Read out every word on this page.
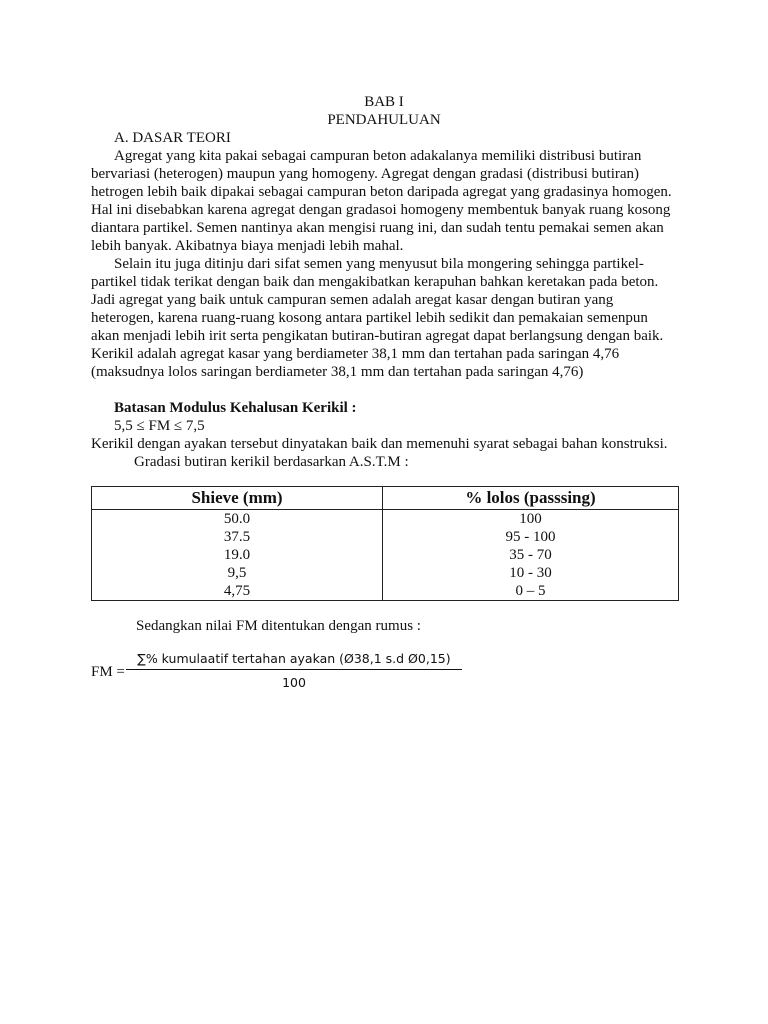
BAB I
PENDAHULUAN
A. DASAR TEORI
Agregat yang kita pakai sebagai campuran beton adakalanya memiliki distribusi butiran
bervariasi (heterogen) maupun yang homogeny. Agregat dengan gradasi (distribusi butiran)
hetrogen lebih baik dipakai sebagai campuran beton daripada agregat yang gradasinya homogen.
Hal ini disebabkan karena agregat dengan gradasoi homogeny membentuk banyak ruang kosong
diantara partikel. Semen nantinya akan mengisi ruang ini, dan sudah tentu pemakai semen akan
lebih banyak. Akibatnya biaya menjadi lebih mahal.
Selain itu juga ditinju dari sifat semen yang menyusut bila mongering sehingga partikel-
partikel tidak terikat dengan baik dan mengakibatkan kerapuhan bahkan keretakan pada beton.
Jadi agregat yang baik untuk campuran semen adalah aregat kasar dengan butiran yang
heterogen, karena ruang-ruang kosong antara partikel lebih sedikit dan pemakaian semenpun
akan menjadi lebih irit serta pengikatan butiran-butiran agregat dapat berlangsung dengan baik.
Kerikil adalah agregat kasar yang berdiameter 38,1 mm dan tertahan pada saringan 4,76
(maksudnya lolos saringan berdiameter 38,1 mm dan tertahan pada saringan 4,76)
Batasan Modulus Kehalusan Kerikil :
5,5 ≤ FM ≤ 7,5
Kerikil dengan ayakan tersebut dinyatakan baik dan memenuhi syarat sebagai bahan konstruksi.
Gradasi butiran kerikil berdasarkan A.S.T.M :
Shieve (mm)	% lolos (passsing)
50.0	100
37.5	95 - 100
19.0	35 - 70
9,5	10 - 30
4,75	0 – 5
Sedangkan nilai FM ditentukan dengan rumus :
FM =
∑% kumulaatif tertahan ayakan (Ø38,1 s.d Ø0,15)
100
